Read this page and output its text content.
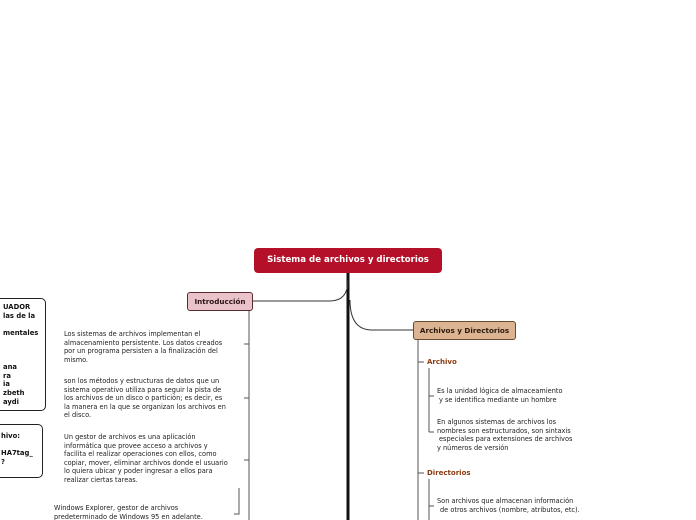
Sistema de archivos y directorios
Introducción
Los sistemas de archivos implementan el
almacenamiento persistente. Los datos creados
por un programa persisten a la finalización del
mismo.
son los métodos y estructuras de datos que un
sistema operativo utiliza para seguir la pista de
los archivos de un disco o partición; es decir, es
la manera en la que se organizan los archivos en
el disco.
Un gestor de archivos es una aplicación
informática que provee acceso a archivos y
facilita el realizar operaciones con ellos, como
copiar, mover, eliminar archivos donde el usuario
lo quiera ubicar y poder ingresar a ellos para
realizar ciertas tareas.
Windows Explorer, gestor de archivos
predeterminado de Windows 95 en adelante.
Archivos y Directorios
Archivo
Es la unidad lógica de almaceamiento
y se identifica mediante un hombre
En algunos sistemas de archivos los
nombres son estructurados, son sintaxis
especiales para extensiones de archivos
y números de versión
Directorios
Son archivos que almacenan información
de otros archivos (nombre, atributos, etc).
UADOR
las de la

mentales

ana
ra
ia
zbeth
aydi
hivo:

HA7tag_
?
